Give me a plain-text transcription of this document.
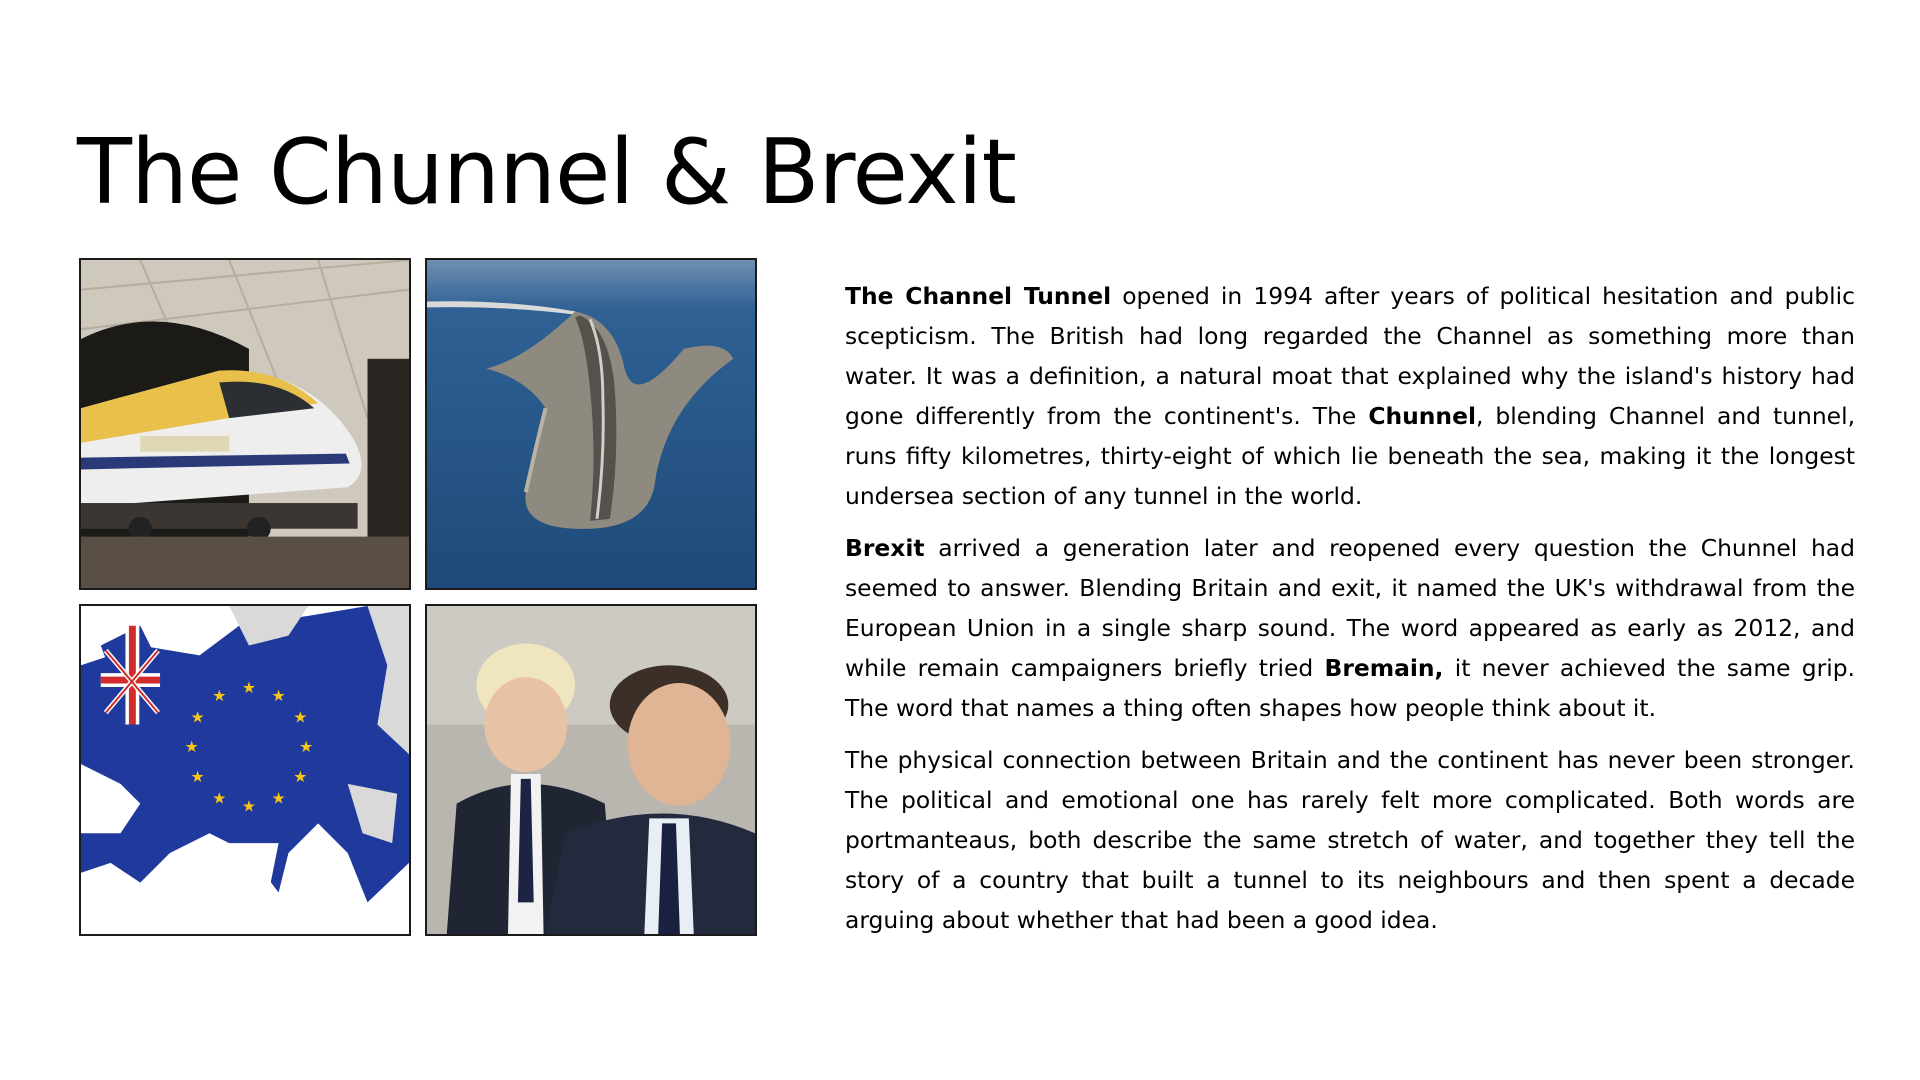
The Chunnel & Brexit
★ ★
★
★
★
★
★
★
★
★
★
★

The Channel Tunnel opened in 1994 after years of political hesitation and public scepticism. The British had long regarded the Channel as something more than water. It was a definition, a natural moat that explained why the island's history had gone differently from the continent's. The Chunnel, blending Channel and tunnel, runs fifty kilometres, thirty-eight of which lie beneath the sea, making it the longest undersea section of any tunnel in the world.

Brexit arrived a generation later and reopened every question the Chunnel had seemed to answer. Blending Britain and exit, it named the UK's withdrawal from the European Union in a single sharp sound. The word appeared as early as 2012, and while remain campaigners briefly tried Bremain, it never achieved the same grip. The word that names a thing often shapes how people think about it.

The physical connection between Britain and the continent has never been stronger. The political and emotional one has rarely felt more complicated. Both words are portmanteaus, both describe the same stretch of water, and together they tell the story of a country that built a tunnel to its neighbours and then spent a decade arguing about whether that had been a good idea.
